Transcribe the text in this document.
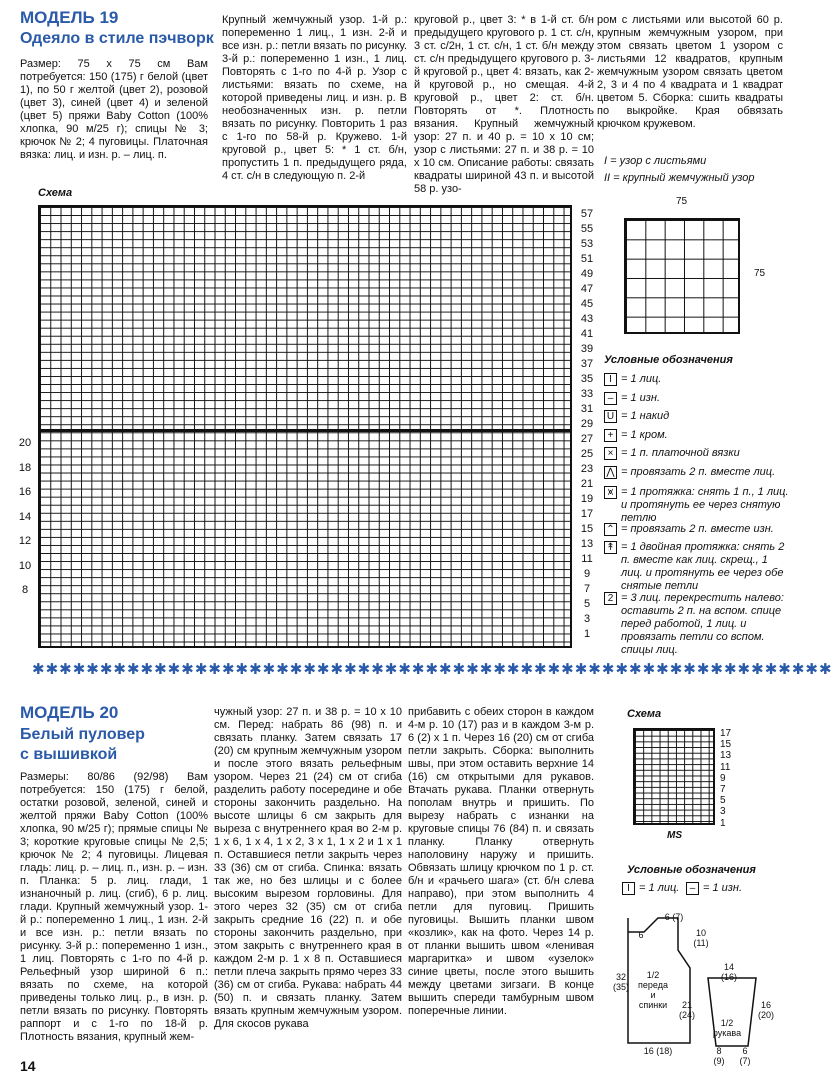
МОДЕЛЬ 19
Одеяло в стиле пэчворк
Размер: 75 х 75 см Вам потребуется: 150 (175) г белой (цвет 1), по 50 г желтой (цвет 2), розовой (цвет 3), синей (цвет 4) и зеленой (цвет 5) пряжи Baby Cotton (100% хлопка, 90 м/25 г); спицы № 3; крючок № 2; 4 пуговицы. Платочная вязка: лиц. и изн. р. – лиц. п.
Крупный жемчужный узор. 1-й р.: попеременно 1 лиц., 1 изн. 2-й и все изн. р.: петли вязать по рисунку. 3-й р.: попеременно 1 изн., 1 лиц. Повторять с 1-го по 4-й р. Узор с листьями: вязать по схеме, на которой приведены лиц. и изн. р. В необозначенных изн. р. петли вязать по рисунку. Повторить 1 раз с 1-го по 58-й р. Кружево. 1-й круговой р., цвет 5: * 1 ст. б/н, пропустить 1 п. предыдущего ряда, 4 ст. с/н в следующую п. 2-й
круговой р., цвет 3: * в 1-й ст. б/н предыдущего кругового р. 1 ст. с/н, 3 ст. с/2н, 1 ст. с/н, 1 ст. б/н между ст. с/н предыдущего кругового р. 3-й круговой р., цвет 4: вязать, как 2-й круговой р., но смещая. 4-й круговой р., цвет 2: ст. б/н. Повторять от *. Плотность вязания. Крупный жемчужный узор: 27 п. и 40 р. = 10 х 10 см; узор с листьями: 27 п. и 38 р. = 10 х 10 см. Описание работы: связать квадраты шириной 43 п. и высотой 58 р. узо-
ром с листьями или высотой 60 р. крупным жемчужным узором, при этом связать цветом 1 узором с листьями 12 квадратов, крупным жемчужным узором связать цветом 2, 3 и 4 по 4 квадрата и 1 квадрат цветом 5. Сборка: сшить квадраты по выкройке. Края обвязать крючком кружевом.
Схема
57
55
53
51
49
47
45
43
41
39
37
35
33
31
29
27
25
23
21
19
17
15
13
11
9
7
5
3
1
20
18
16
14
12
10
8
I = узор с листьями
II = крупный жемчужный узор
75
75
Условные обозначения
I = 1 лиц.
– = 1 изн.
U = 1 накид
+ = 1 кром.
× = 1 п. платочной вязки
⋀ = провязать 2 п. вместе лиц.
⩙ = 1 протяжка: снять 1 п., 1 лиц. и протянуть ее через снятую петлю
⌃ = провязать 2 п. вместе изн.
↟ = 1 двойная протяжка: снять 2 п. вместе как лиц. скрещ., 1 лиц. и протянуть ее через обе снятые петли
2 = 3 лиц. перекрестить налево: оставить 2 п. на вспом. спице перед работой, 1 лиц. и провязать петли со вспом. спицы лиц.
✱✱✱✱✱✱✱✱✱✱✱✱✱✱✱✱✱✱✱✱✱✱✱✱✱✱✱✱✱✱✱✱✱✱✱✱✱✱✱✱✱✱✱✱✱✱✱✱✱✱✱✱✱✱✱✱✱✱✱
МОДЕЛЬ 20
Белый пуловер
с вышивкой
Размеры: 80/86 (92/98) Вам потребуется: 150 (175) г белой, остатки розовой, зеленой, синей и желтой пряжи Baby Cotton (100% хлопка, 90 м/25 г); прямые спицы № 3; короткие круговые спицы № 2,5; крючок № 2; 4 пуговицы. Лицевая гладь: лиц. р. – лиц. п., изн. р. – изн. п. Планка: 5 р. лиц. глади, 1 изнаночный р. лиц. (сгиб), 6 р. лиц. глади. Крупный жемчужный узор. 1-й р.: попеременно 1 лиц., 1 изн. 2-й и все изн. р.: петли вязать по рисунку. 3-й р.: попеременно 1 изн., 1 лиц. Повторять с 1-го по 4-й р. Рельефный узор шириной 6 п.: вязать по схеме, на которой приведены только лиц. р., в изн. р. петли вязать по рисунку. Повторять раппорт и с 1-го по 18-й р. Плотность вязания, крупный жем-
чужный узор: 27 п. и 38 р. = 10 х 10 см. Перед: набрать 86 (98) п. и связать планку. Затем связать 17 (20) см крупным жемчужным узором и после этого вязать рельефным узором. Через 21 (24) см от сгиба разделить работу посередине и обе стороны закончить раздельно. На высоте шлицы 6 см закрыть для выреза с внутреннего края во 2-м р. 1 х 6, 1 х 4, 1 х 2, 3 х 1, 1 х 2 и 1 х 1 п. Оставшиеся петли закрыть через 33 (36) см от сгиба. Спинка: вязать так же, но без шлицы и с более высоким вырезом горловины. Для этого через 32 (35) см от сгиба закрыть средние 16 (22) п. и обе стороны закончить раздельно, при этом закрыть с внутреннего края в каждом 2-м р. 1 х 8 п. Оставшиеся петли плеча закрыть прямо через 33 (36) см от сгиба. Рукава: набрать 44 (50) п. и связать планку. Затем вязать крупным жемчужным узором. Для скосов рукава
прибавить с обеих сторон в каждом 4-м р. 10 (17) раз и в каждом 3-м р. 6 (2) х 1 п. Через 16 (20) см от сгиба петли закрыть. Сборка: выполнить швы, при этом оставить верхние 14 (16) см открытыми для рукавов. Втачать рукава. Планки отвернуть пополам внутрь и пришить. По вырезу набрать с изнанки на круговые спицы 76 (84) п. и связать планку. Планку отвернуть наполовину наружу и пришить. Обвязать шлицу крючком по 1 р. ст. б/н и «рачьего шага» (ст. б/н слева направо), при этом выполнить 4 петли для пуговиц. Пришить пуговицы. Вышить планки швом «козлик», как на фото. Через 14 р. от планки вышить швом «ленивая маргаритка» и швом «узелок» синие цветы, после этого вышить между цветами зигзаги. В конце вышить спереди тамбурным швом поперечные линии.
Схема
17
15
13
11
9
7
5
3
1
MS
Условные обозначения
I = 1 лиц.	– = 1 изн.
1/2 переда и спинки
1/2 рукава
6 (7)
10 (11)
32 (35)
21 (24)
6
16 (18)
14 (16)
16 (20)
8 (9)
6 (7)
14
